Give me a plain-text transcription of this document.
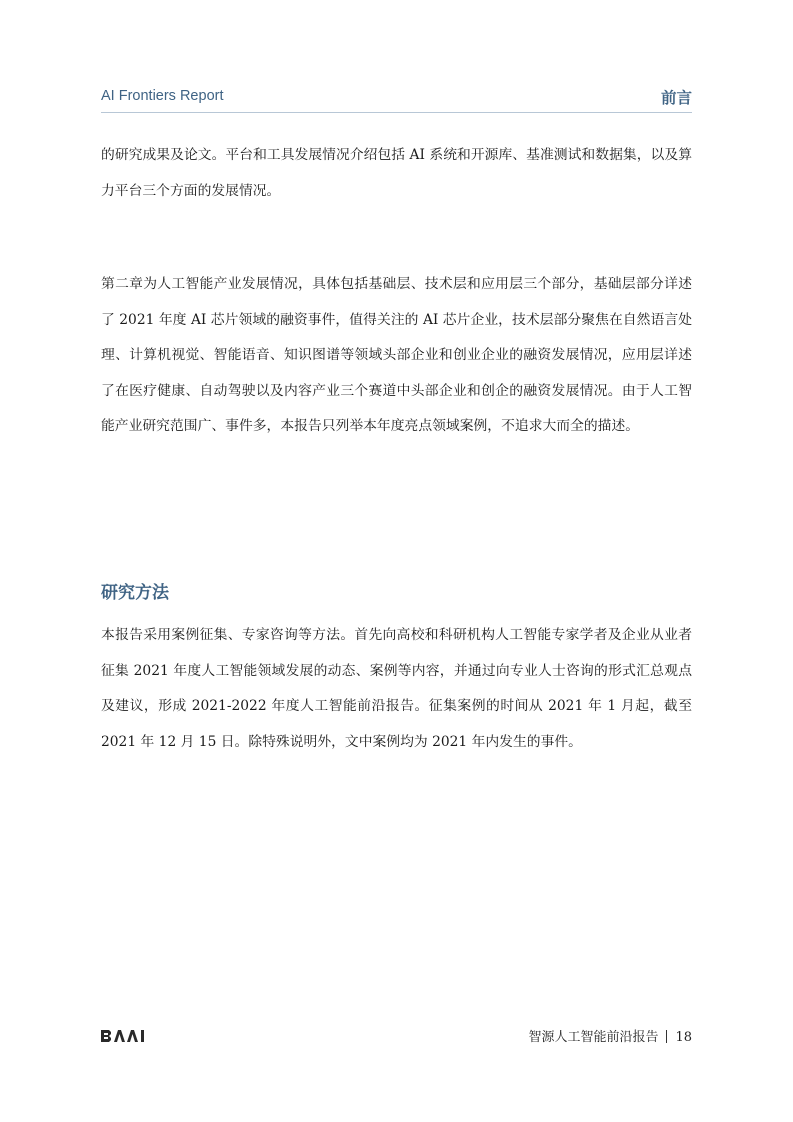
AI Frontiers Report	前言

的研究成果及论文。平台和工具发展情况介绍包括 AI 系统和开源库、基准测试和数据集，以及算力平台三个方面的发展情况。

第二章为人工智能产业发展情况，具体包括基础层、技术层和应用层三个部分，基础层部分详述了 2021 年度 AI 芯片领域的融资事件，值得关注的 AI 芯片企业，技术层部分聚焦在自然语言处理、计算机视觉、智能语音、知识图谱等领域头部企业和创业企业的融资发展情况，应用层详述了在医疗健康、自动驾驶以及内容产业三个赛道中头部企业和创企的融资发展情况。由于人工智能产业研究范围广、事件多，本报告只列举本年度亮点领域案例，不追求大而全的描述。

研究方法

本报告采用案例征集、专家咨询等方法。首先向高校和科研机构人工智能专家学者及企业从业者征集 2021 年度人工智能领域发展的动态、案例等内容，并通过向专业人士咨询的形式汇总观点及建议，形成 2021-2022 年度人工智能前沿报告。征集案例的时间从 2021 年 1 月起，截至 2021 年 12 月 15 日。除特殊说明外，文中案例均为 2021 年内发生的事件。

智源人工智能前沿报告 18
